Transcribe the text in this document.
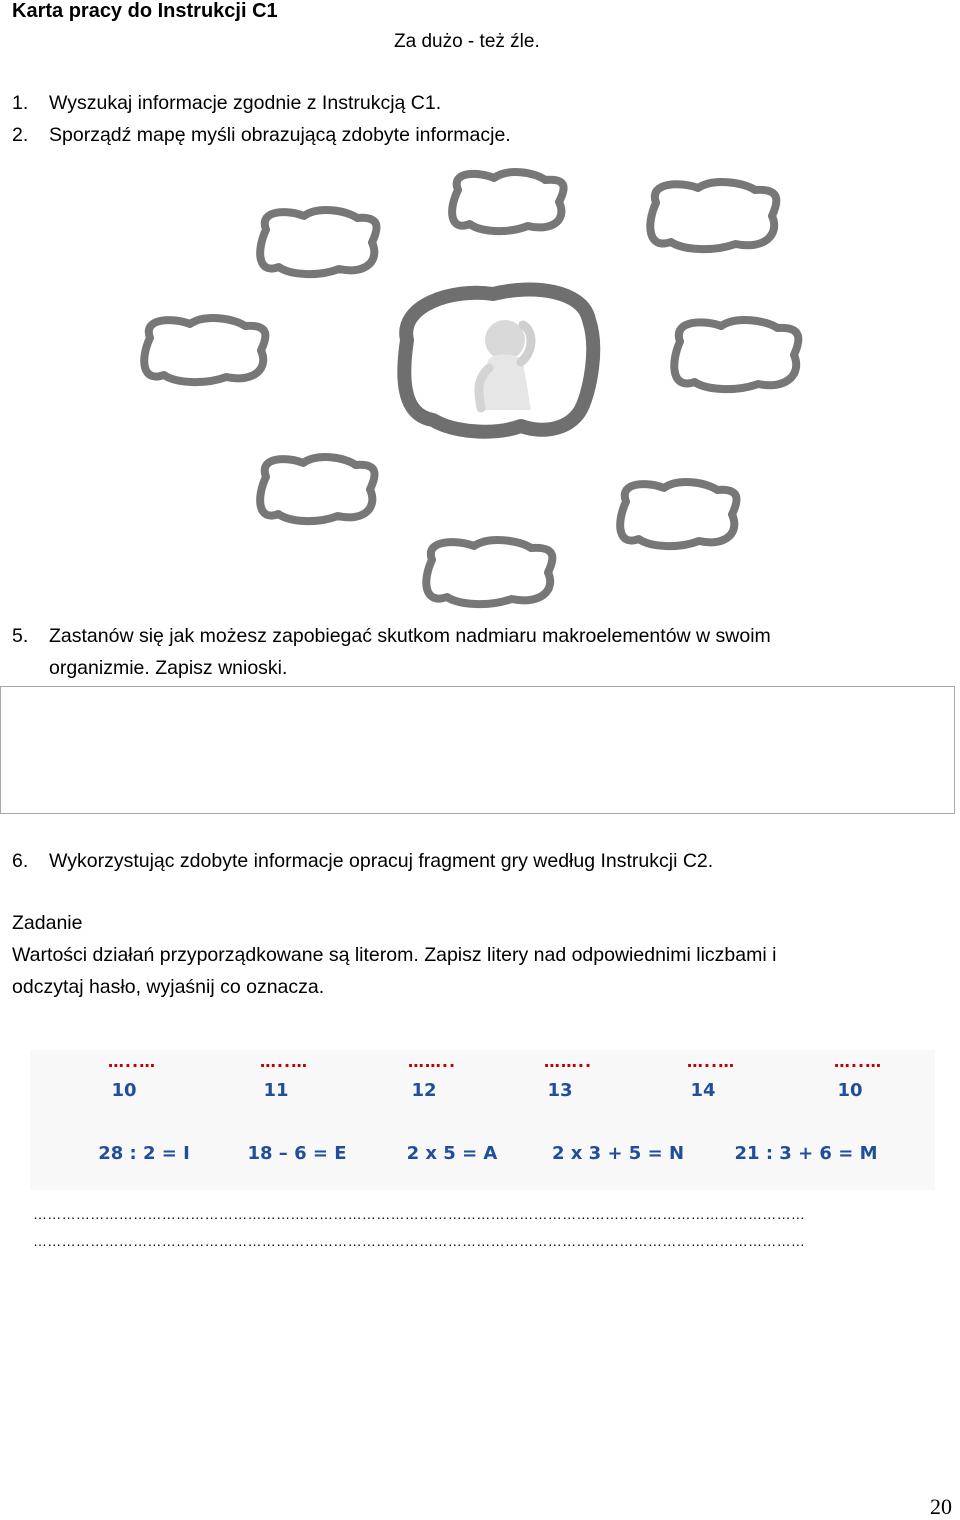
Karta pracy do Instrukcji C1
Za dużo - też źle.
1. Wyszukaj informacje zgodnie z Instrukcją C1.
2. Sporządź mapę myśli obrazującą zdobyte informacje.
5. Zastanów się jak możesz zapobiegać skutkom nadmiaru makroelementów w swoim
organizmie. Zapisz wnioski.
6. Wykorzystując zdobyte informacje opracuj fragment gry według Instrukcji C2.
Zadanie
Wartości działań przyporządkowane są literom. Zapisz litery nad odpowiednimi liczbami i
odczytaj hasło, wyjaśnij co oznacza.
…..…	…..…	……..	……..	…..…	…..…
10	11	12	13	14	10
28 : 2 = I	18 – 6 = E	2 x 5 = A	2 x 3 + 5 = N	21 : 3 + 6 = M
………………………………………………………………………………………………………………………………………………
………………………………………………………………………………………………………………………………………………
20
